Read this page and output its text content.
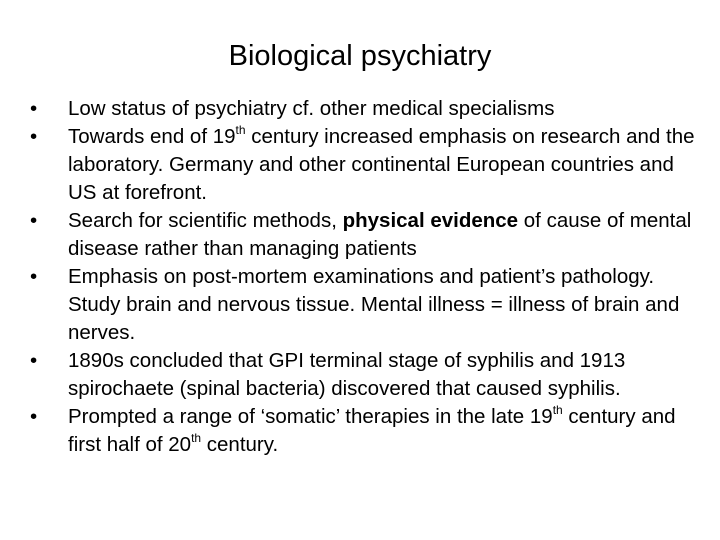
Biological psychiatry
•	Low status of psychiatry cf. other medical specialisms
•	Towards end of 19th century increased emphasis on research and the laboratory. Germany and other continental European countries and US at forefront.
•	Search for scientific methods, physical evidence of cause of mental disease rather than managing patients
•	Emphasis on post-mortem examinations and patient’s pathology. Study brain and nervous tissue. Mental illness = illness of brain and nerves.
•	1890s concluded that GPI terminal stage of syphilis and 1913 spirochaete (spinal bacteria) discovered that caused syphilis.
•	Prompted a range of ‘somatic’ therapies in the late 19th century and first half of 20th century.
